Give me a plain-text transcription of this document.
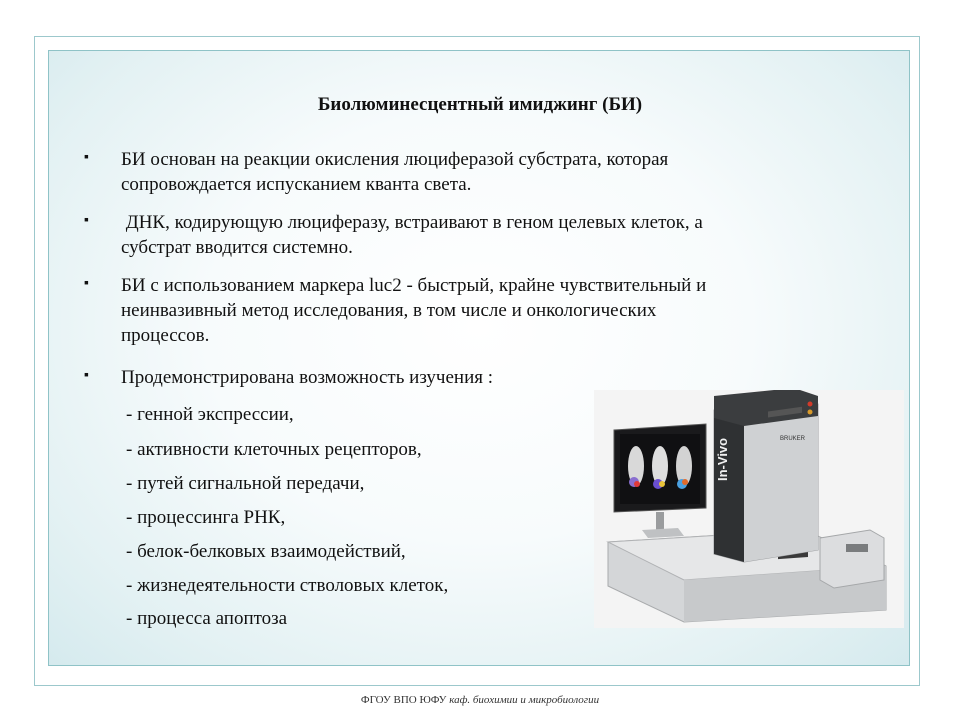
Биолюминесцентный имиджинг (БИ)
▪ БИ основан на реакции окисления люциферазой субстрата, которая
сопровождается испусканием кванта света.
▪ ДНК, кодирующую люциферазу, встраивают в геном целевых клеток, а
субстрат вводится системно.
▪ БИ с использованием маркера luc2 - быстрый, крайне чувствительный и
неинвазивный метод исследования, в том числе и онкологических
процессов.
▪ Продемонстрирована возможность изучения :
- генной экспрессии,
- активности клеточных рецепторов,
- путей сигнальной передачи,
- процессинга РНК,
- белок-белковых взаимодействий,
- жизнедеятельности стволовых клеток,
- процесса апоптоза
In-Vivo	BRUKER
ФГОУ ВПО ЮФУ каф. биохимии и микробиологии
